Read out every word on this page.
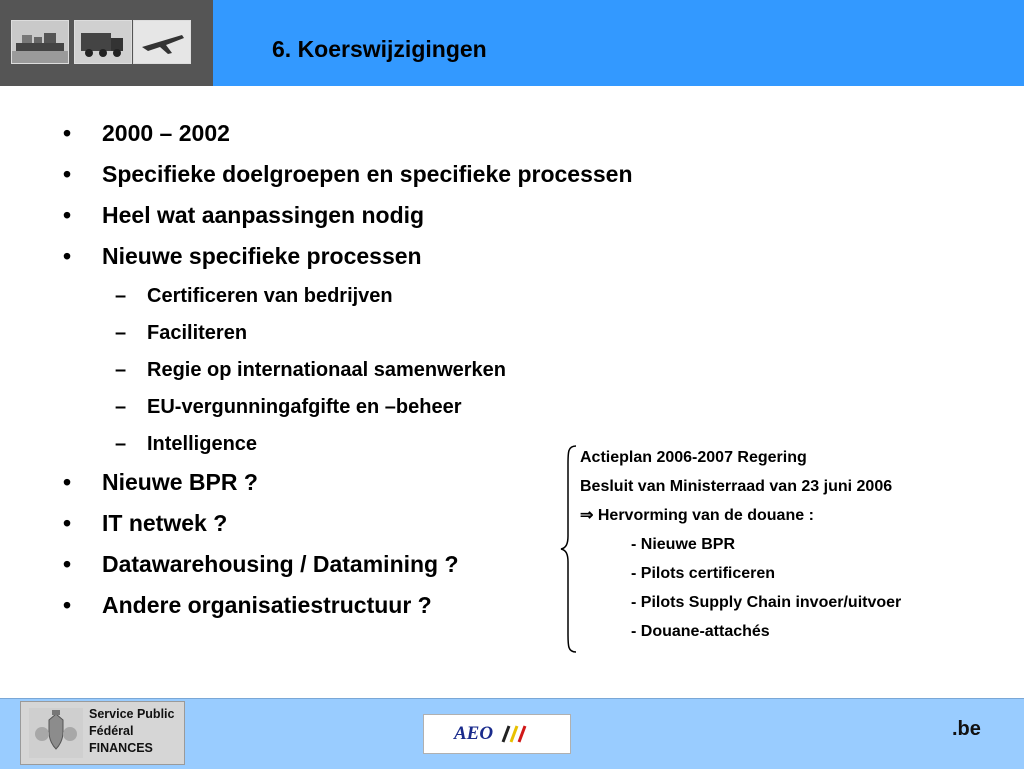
6. Koerswijzigingen
• 2000 – 2002
• Specifieke doelgroepen en specifieke processen
• Heel wat aanpassingen nodig
• Nieuwe specifieke processen
– Certificeren van bedrijven
– Faciliteren
– Regie op internationaal samenwerken
– EU-vergunningafgifte en –beheer
– Intelligence
• Nieuwe BPR ?
• IT netwek ?
• Datawarehousing / Datamining ?
• Andere organisatiestructuur ?
Actieplan 2006-2007 Regering
Besluit van Ministerraad van 23 juni 2006
⇒ Hervorming van de douane :
- Nieuwe BPR
- Pilots certificeren
- Pilots Supply Chain invoer/uitvoer
- Douane-attachés
Service Public
Fédéral
FINANCES
AEO	.be
